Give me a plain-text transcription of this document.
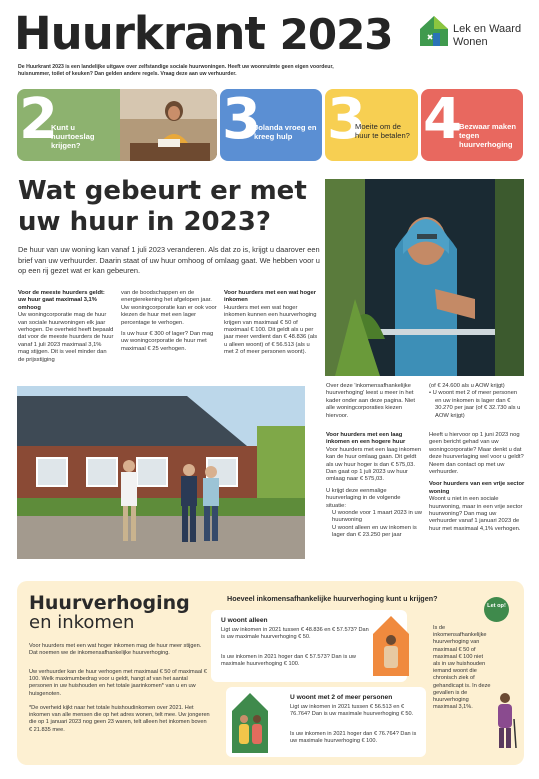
Huurkrant 2023	Lek en Waard
Wonen
De Huurkrant 2023 is een landelijke uitgave over zelfstandige sociale huurwoningen. Heeft uw woonruimte geen eigen voordeur, huisnummer, toilet of keuken? Dan gelden andere regels. Vraag deze aan uw verhuurder.
2
Kunt u huurtoeslag krijgen?	3
Jolanda vroeg en kreeg hulp 3
Moeite om de huur te betalen? 4
Bezwaar maken tegen huurverhoging
Wat gebeurt er met uw huur in 2023?
De huur van uw woning kan vanaf 1 juli 2023 veranderen. Als dat zo is, krijgt u daarover een brief van uw verhuurder. Daarin staat of uw huur omhoog of omlaag gaat. We hebben voor u op een rij gezet wat er kan gebeuren.
Voor de meeste huurders geldt: uw huur gaat maximaal 3,1% omhoog
Uw woningcorporatie mag de huur van sociale huurwoningen elk jaar verhogen. De overheid heeft bepaald dat voor de meeste huurders de huur vanaf 1 juli 2023 maximaal 3,1% mag stijgen. Dit is veel minder dan de prijsstijging
van de boodschappen en de energierekening het afgelopen jaar. Uw woningcorporatie kan er ook voor kiezen de huur met een lager percentage te verhogen.
Is uw huur € 300 of lager? Dan mag uw woningcorporatie de huur met maximaal € 25 verhogen.
Voor huurders met een wat hoger inkomen
Huurders met een wat hoger inkomen kunnen een huurverhoging krijgen van maximaal € 50 of maximaal € 100. Dit geldt als u per jaar meer verdient dan € 48.836 (als u alleen woont) of € 56.513 (als u met 2 of meer personen woont).
Over deze 'inkomensafhankelijke huurverhoging' leest u meer in het kader onder aan deze pagina. Niet alle woningcorporaties kiezen hiervoor.
(of € 24.600 als u AOW krijgt)
• U woont met 2 of meer personen en uw inkomen is lager dan € 30.270 per jaar (of € 32.730 als u AOW krijgt)
Voor huurders met een laag inkomen en een hogere huur
Voor huurders met een laag inkomen kan de huur omlaag gaan. Dit geldt als uw huur hoger is dan € 575,03. Dan gaat op 1 juli 2023 uw huur omlaag naar € 575,03.
U krijgt deze eenmalige huurverlaging in de volgende situatie:
U woonde voor 1 maart 2023 in uw huurwoning
U woont alleen en uw inkomen is lager dan € 23.250 per jaar
Heeft u hiervoor op 1 juni 2023 nog geen bericht gehad van uw woningcorporatie? Maar denkt u dat deze huurverlaging wel voor u geldt? Neem dan contact op met uw verhuurder.
Voor huurders van een vrije sector woning
Woont u niet in een sociale huurwoning, maar in een vrije sector huurwoning? Dan mag uw verhuurder vanaf 1 januari 2023 de huur met maximaal 4,1% verhogen.
Huurverhoging
en inkomen
Voor huurders met een wat hoger inkomen mag de huur meer stijgen. Dat noemen we de inkomensafhankelijke huurverhoging.
Uw verhuurder kan de huur verhogen met maximaal € 50 of maximaal € 100. Welk maximumbedrag voor u geldt, hangt af van het aantal personen in uw huishouden en het totale jaarinkomen* van u en uw huisgenoten.
*De overheid kijkt naar het totale huishoudinkomen over 2021. Het inkomen van alle mensen die op het adres wonen, telt mee. Uw jongeren die op 1 januari 2023 nog geen 23 waren, telt alleen het inkomen boven € 21.835 mee.
Hoeveel inkomensafhankelijke huurverhoging kunt u krijgen?
Let op!
U woont alleen
Ligt uw inkomen in 2021 tussen € 48.836 en € 57.573? Dan is uw maximale huurverhoging € 50.
Is uw inkomen in 2021 hoger dan € 57.573? Dan is uw maximale huurverhoging € 100.
U woont met 2 of meer personen
Ligt uw inkomen in 2021 tussen € 56.513 en € 76.764? Dan is uw maximale huurverhoging € 50.
Is uw inkomen in 2021 hoger dan € 76.764? Dan is uw maximale huurverhoging € 100.
Is de inkomensafhankelijke huurverhoging van maximaal € 50 of maximaal € 100 niet als in uw huishouden iemand woont die chronisch ziek of gehandicapt is. In deze gevallen is de huurverhoging maximaal 3,1%.
